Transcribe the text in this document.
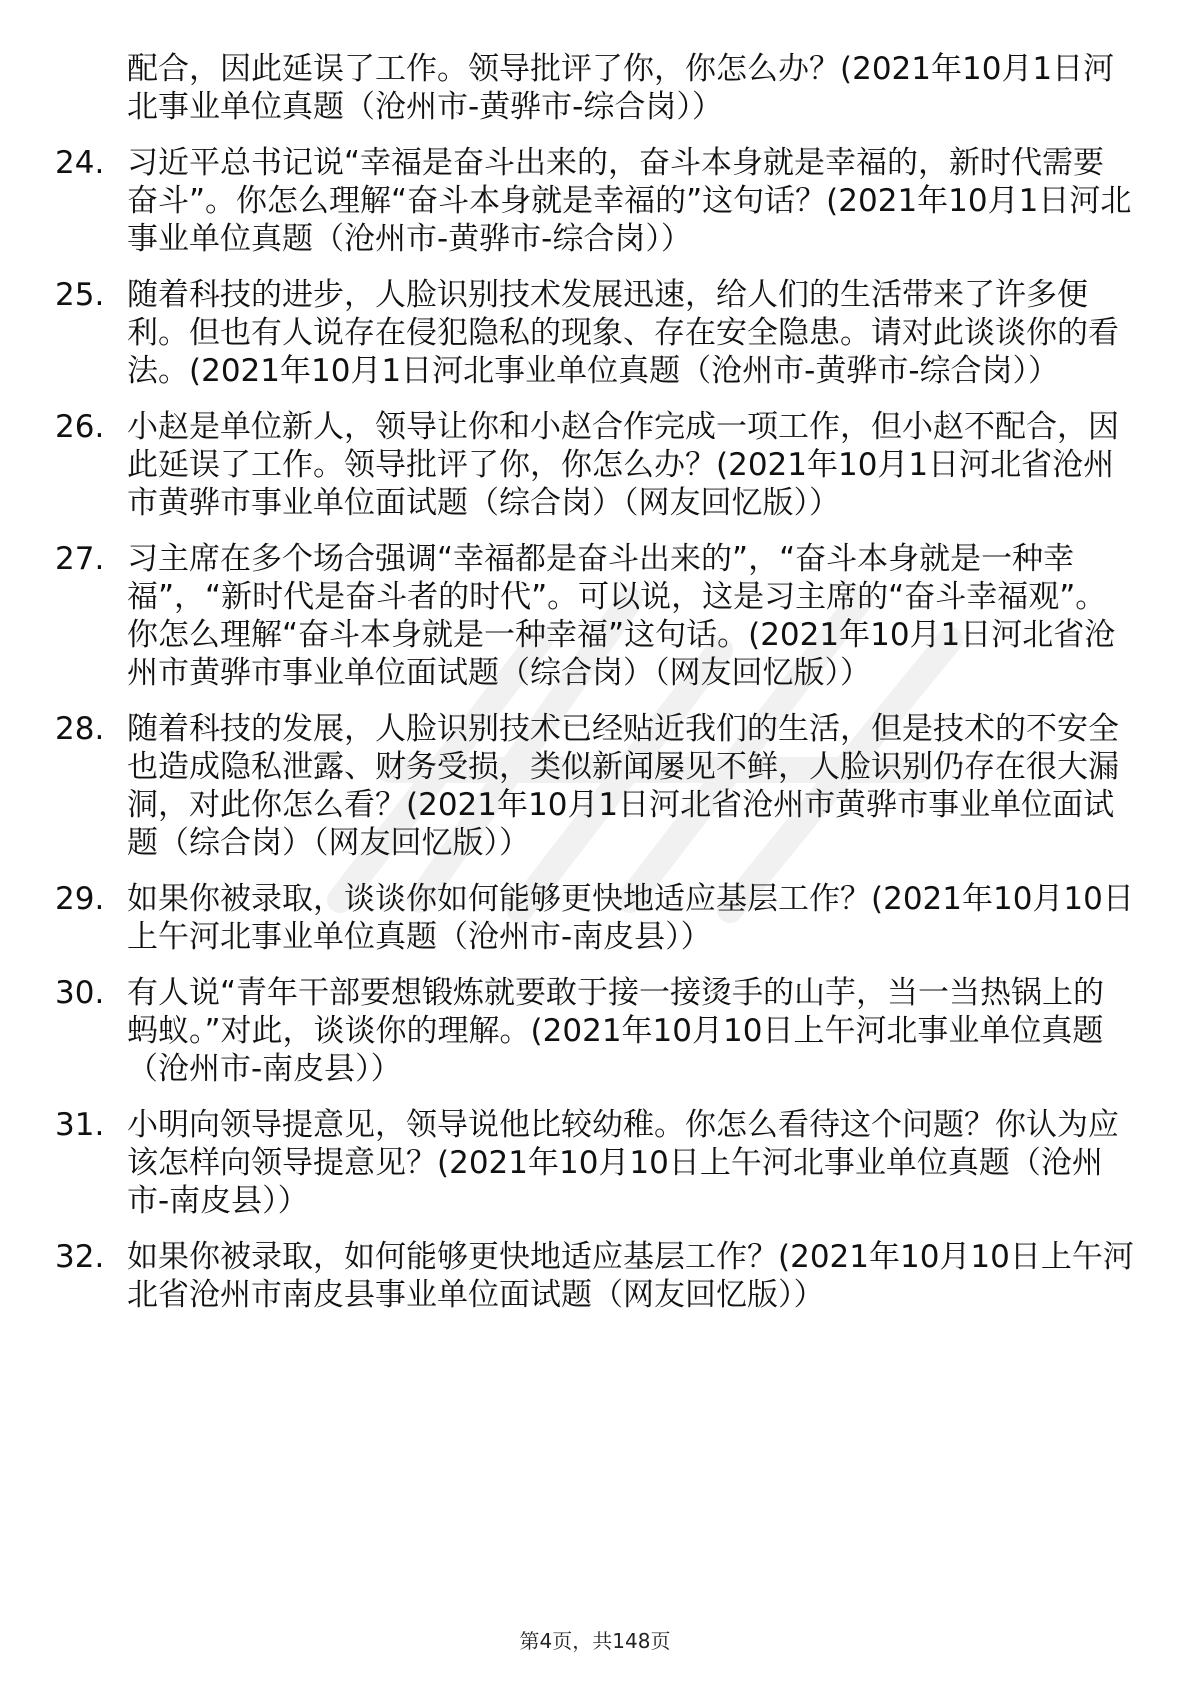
配合，因此延误了工作。领导批评了你，你怎么办？(2021年10月1日河北事业单位真题（沧州市-黄骅市-综合岗））
24. 习近平总书记说“幸福是奋斗出来的，奋斗本身就是幸福的，新时代需要奋斗”。你怎么理解“奋斗本身就是幸福的”这句话？(2021年10月1日河北事业单位真题（沧州市-黄骅市-综合岗））
25. 随着科技的进步，人脸识别技术发展迅速，给人们的生活带来了许多便利。但也有人说存在侵犯隐私的现象、存在安全隐患。请对此谈谈你的看法。(2021年10月1日河北事业单位真题（沧州市-黄骅市-综合岗））
26. 小赵是单位新人，领导让你和小赵合作完成一项工作，但小赵不配合，因此延误了工作。领导批评了你，你怎么办？(2021年10月1日河北省沧州市黄骅市事业单位面试题（综合岗）（网友回忆版））
27. 习主席在多个场合强调“幸福都是奋斗出来的”，“奋斗本身就是一种幸福”，“新时代是奋斗者的时代”。可以说，这是习主席的“奋斗幸福观”。你怎么理解“奋斗本身就是一种幸福”这句话。(2021年10月1日河北省沧州市黄骅市事业单位面试题（综合岗）（网友回忆版））
28. 随着科技的发展，人脸识别技术已经贴近我们的生活，但是技术的不安全也造成隐私泄露、财务受损，类似新闻屡见不鲜，人脸识别仍存在很大漏洞，对此你怎么看？(2021年10月1日河北省沧州市黄骅市事业单位面试题（综合岗）（网友回忆版））
29. 如果你被录取，谈谈你如何能够更快地适应基层工作？(2021年10月10日上午河北事业单位真题（沧州市-南皮县））
30. 有人说“青年干部要想锻炼就要敢于接一接烫手的山芋，当一当热锅上的蚂蚁。”对此，谈谈你的理解。(2021年10月10日上午河北事业单位真题（沧州市-南皮县））
31. 小明向领导提意见，领导说他比较幼稚。你怎么看待这个问题？你认为应该怎样向领导提意见？(2021年10月10日上午河北事业单位真题（沧州市-南皮县））
32. 如果你被录取，如何能够更快地适应基层工作？(2021年10月10日上午河北省沧州市南皮县事业单位面试题（网友回忆版））
第4页，共148页
